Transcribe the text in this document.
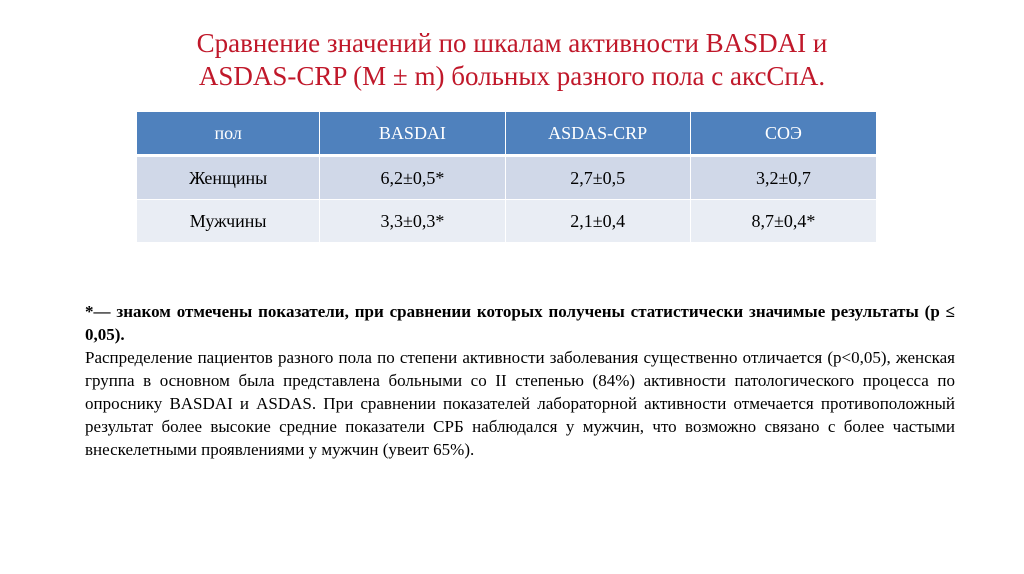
Сравнение значений по шкалам активности BASDAI и
ASDAS-CRP (М ± m) больных разного пола с аксСпА.
пол	BASDAI	ASDAS-CRP	СОЭ
Женщины	6,2±0,5*	2,7±0,5	3,2±0,7
Мужчины	3,3±0,3*	2,1±0,4	8,7±0,4*

*— знаком отмечены показатели, при сравнении которых получены статистически значимые результаты (р ≤ 0,05).

Распределение пациентов разного пола по степени активности заболевания существенно отличается (p<0,05), женская группа в основном была представлена больными со II степенью (84%) активности патологического процесса по опроснику BASDAI и ASDAS. При сравнении показателей лабораторной активности отмечается противоположный результат более высокие средние показатели СРБ наблюдался у мужчин, что возможно связано с более частыми внескелетными проявлениями у мужчин (увеит 65%).
